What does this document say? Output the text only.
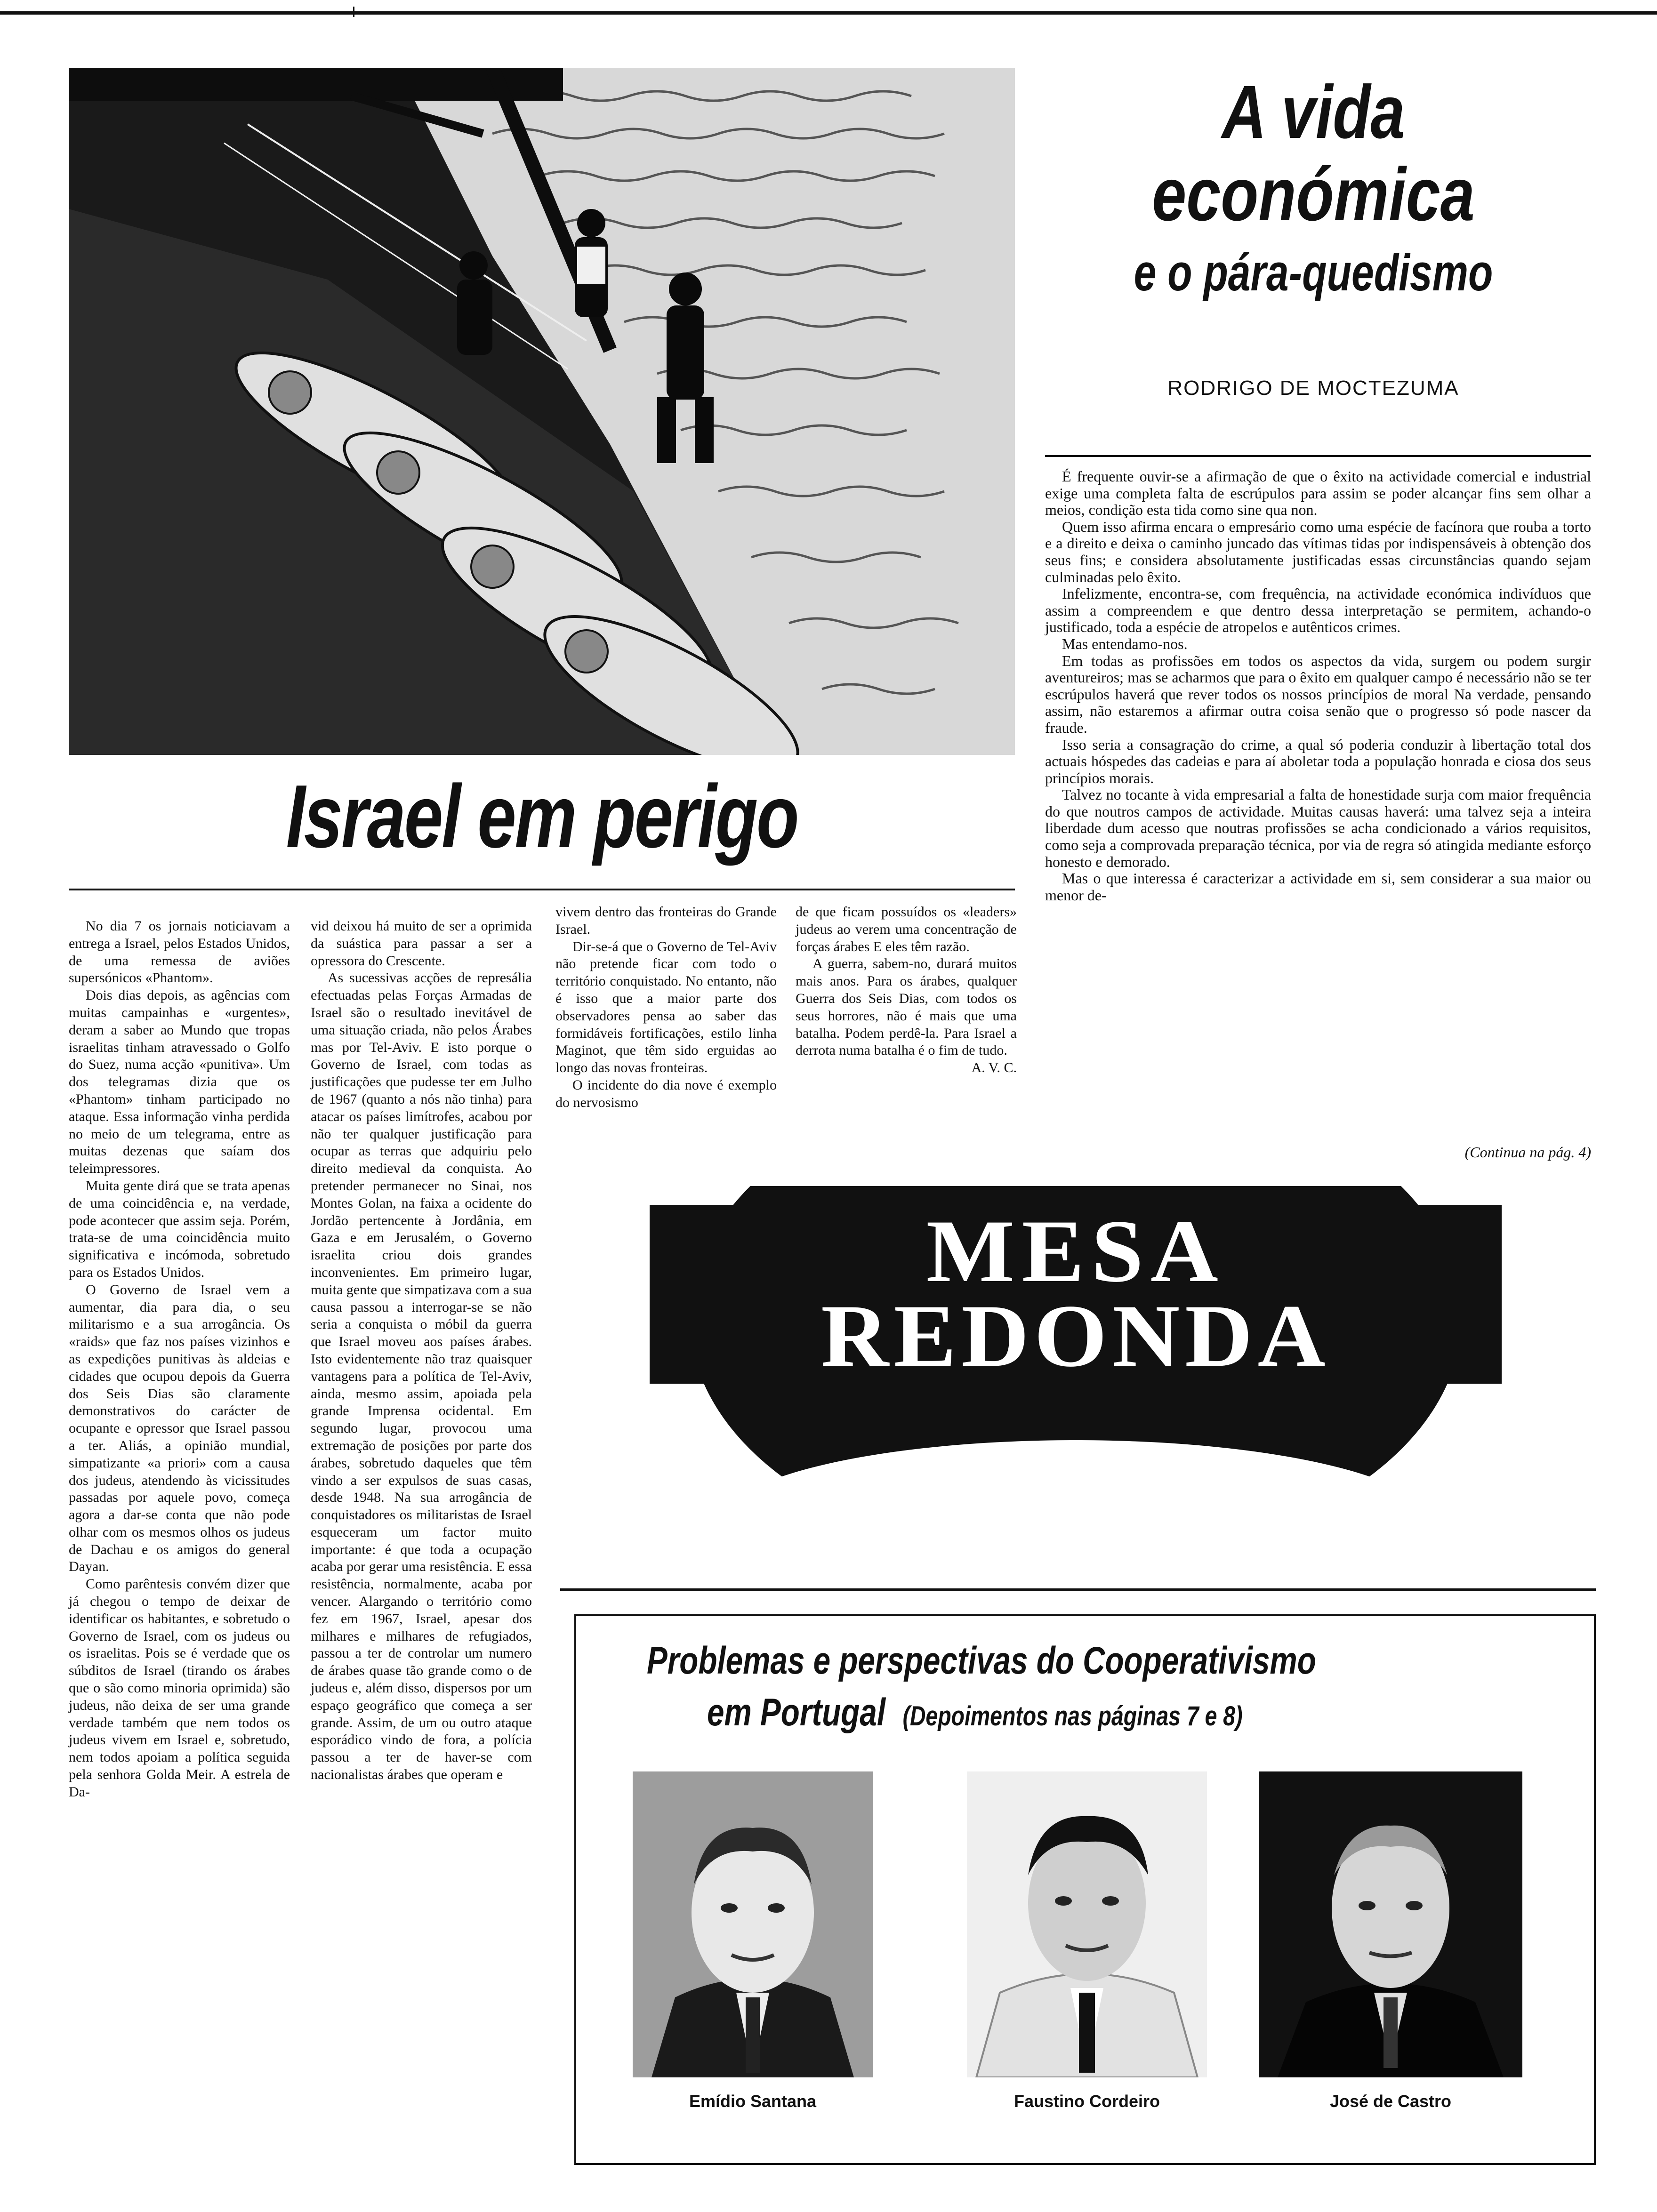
Israel em perigo

No dia 7 os jornais noticiavam a entrega a Israel, pelos Estados Unidos, de uma remessa de aviões supersónicos «Phantom».

Dois dias depois, as agências com muitas campainhas e «urgentes», deram a saber ao Mundo que tropas israelitas tinham atravessado o Golfo do Suez, numa acção «punitiva». Um dos telegramas dizia que os «Phantom» tinham participado no ataque. Essa informação vinha perdida no meio de um telegrama, entre as muitas dezenas que saíam dos teleimpressores.

Muita gente dirá que se trata apenas de uma coincidência e, na verdade, pode acontecer que assim seja. Porém, trata-se de uma coincidência muito significativa e incómoda, sobretudo para os Estados Unidos.

O Governo de Israel vem a aumentar, dia para dia, o seu militarismo e a sua arrogância. Os «raids» que faz nos países vizinhos e as expedições punitivas às aldeias e cidades que ocupou depois da Guerra dos Seis Dias são claramente demonstrativos do carácter de ocupante e opressor que Israel passou a ter. Aliás, a opinião mundial, simpatizante «a priori» com a causa dos judeus, atendendo às vicissitudes passadas por aquele povo, começa agora a dar-se conta que não pode olhar com os mesmos olhos os judeus de Dachau e os amigos do general Dayan.

Como parêntesis convém dizer que já chegou o tempo de deixar de identificar os habitantes, e sobretudo o Governo de Israel, com os judeus ou os israelitas. Pois se é verdade que os súbditos de Israel (tirando os árabes que o são como minoria oprimida) são judeus, não deixa de ser uma grande verdade também que nem todos os judeus vivem em Israel e, sobretudo, nem todos apoiam a política seguida pela senhora Golda Meir. A estrela de Da-

vid deixou há muito de ser a oprimida da suástica para passar a ser a opressora do Crescente.

As sucessivas acções de represália efectuadas pelas Forças Armadas de Israel são o resultado inevitável de uma situação criada, não pelos Árabes mas por Tel-Aviv. E isto porque o Governo de Israel, com todas as justificações que pudesse ter em Julho de 1967 (quanto a nós não tinha) para atacar os países limítrofes, acabou por não ter qualquer justificação para ocupar as terras que adquiriu pelo direito medieval da conquista. Ao pretender permanecer no Sinai, nos Montes Golan, na faixa a ocidente do Jordão pertencente à Jordânia, em Gaza e em Jerusalém, o Governo israelita criou dois grandes inconvenientes. Em primeiro lugar, muita gente que simpatizava com a sua causa passou a interrogar-se se não seria a conquista o móbil da guerra que Israel moveu aos países árabes. Isto evidentemente não traz quaisquer vantagens para a política de Tel-Aviv, ainda, mesmo assim, apoiada pela grande Imprensa ocidental. Em segundo lugar, provocou uma extremação de posições por parte dos árabes, sobretudo daqueles que têm vindo a ser expulsos de suas casas, desde 1948. Na sua arrogância de conquistadores os militaristas de Israel esqueceram um factor muito importante: é que toda a ocupação acaba por gerar uma resistência. E essa resistência, normalmente, acaba por vencer. Alargando o território como fez em 1967, Israel, apesar dos milhares e milhares de refugiados, passou a ter de controlar um numero de árabes quase tão grande como o de judeus e, além disso, dispersos por um espaço geográfico que começa a ser grande. Assim, de um ou outro ataque esporádico vindo de fora, a polícia passou a ter de haver-se com nacionalistas árabes que operam e

vivem dentro das fronteiras do Grande Israel.

Dir-se-á que o Governo de Tel-Aviv não pretende ficar com todo o território conquistado. No entanto, não é isso que a maior parte dos observadores pensa ao saber das formidáveis fortificações, estilo linha Maginot, que têm sido erguidas ao longo das novas fronteiras.

O incidente do dia nove é exemplo do nervosismo

de que ficam possuídos os «leaders» judeus ao verem uma concentração de forças árabes E eles têm razão.

A guerra, sabem-no, durará muitos mais anos. Para os árabes, qualquer Guerra dos Seis Dias, com todos os seus horrores, não é mais que uma batalha. Podem perdê-la. Para Israel a derrota numa batalha é o fim de tudo.

A. V. C.

A vida
económica
e o pára-quedismo
RODRIGO DE MOCTEZUMA

É frequente ouvir-se a afirmação de que o êxito na actividade comercial e industrial exige uma completa falta de escrúpulos para assim se poder alcançar fins sem olhar a meios, condição esta tida como sine qua non.

Quem isso afirma encara o empresário como uma espécie de facínora que rouba a torto e a direito e deixa o caminho juncado das vítimas tidas por indispensáveis à obtenção dos seus fins; e considera absolutamente justificadas essas circunstâncias quando sejam culminadas pelo êxito.

Infelizmente, encontra-se, com frequência, na actividade económica indivíduos que assim a compreendem e que dentro dessa interpretação se permitem, achando-o justificado, toda a espécie de atropelos e autênticos crimes.

Mas entendamo-nos.

Em todas as profissões em todos os aspectos da vida, surgem ou podem surgir aventureiros; mas se acharmos que para o êxito em qualquer campo é necessário não se ter escrúpulos haverá que rever todos os nossos princípios de moral Na verdade, pensando assim, não estaremos a afirmar outra coisa senão que o progresso só pode nascer da fraude.

Isso seria a consagração do crime, a qual só poderia conduzir à libertação total dos actuais hóspedes das cadeias e para aí aboletar toda a população honrada e ciosa dos seus princípios morais.

Talvez no tocante à vida empresarial a falta de honestidade surja com maior frequência do que noutros campos de actividade. Muitas causas haverá: uma talvez seja a inteira liberdade dum acesso que noutras profissões se acha condicionado a vários requisitos, como seja a comprovada preparação técnica, por via de regra só atingida mediante esforço honesto e demorado.

Mas o que interessa é caracterizar a actividade em si, sem considerar a sua maior ou menor de-

(Continua na pág. 4)
MESA
REDONDA
Problemas e perspectivas do Cooperativismo
em Portugal (Depoimentos nas páginas 7 e 8)
Emídio Santana	Faustino Cordeiro	José de Castro
